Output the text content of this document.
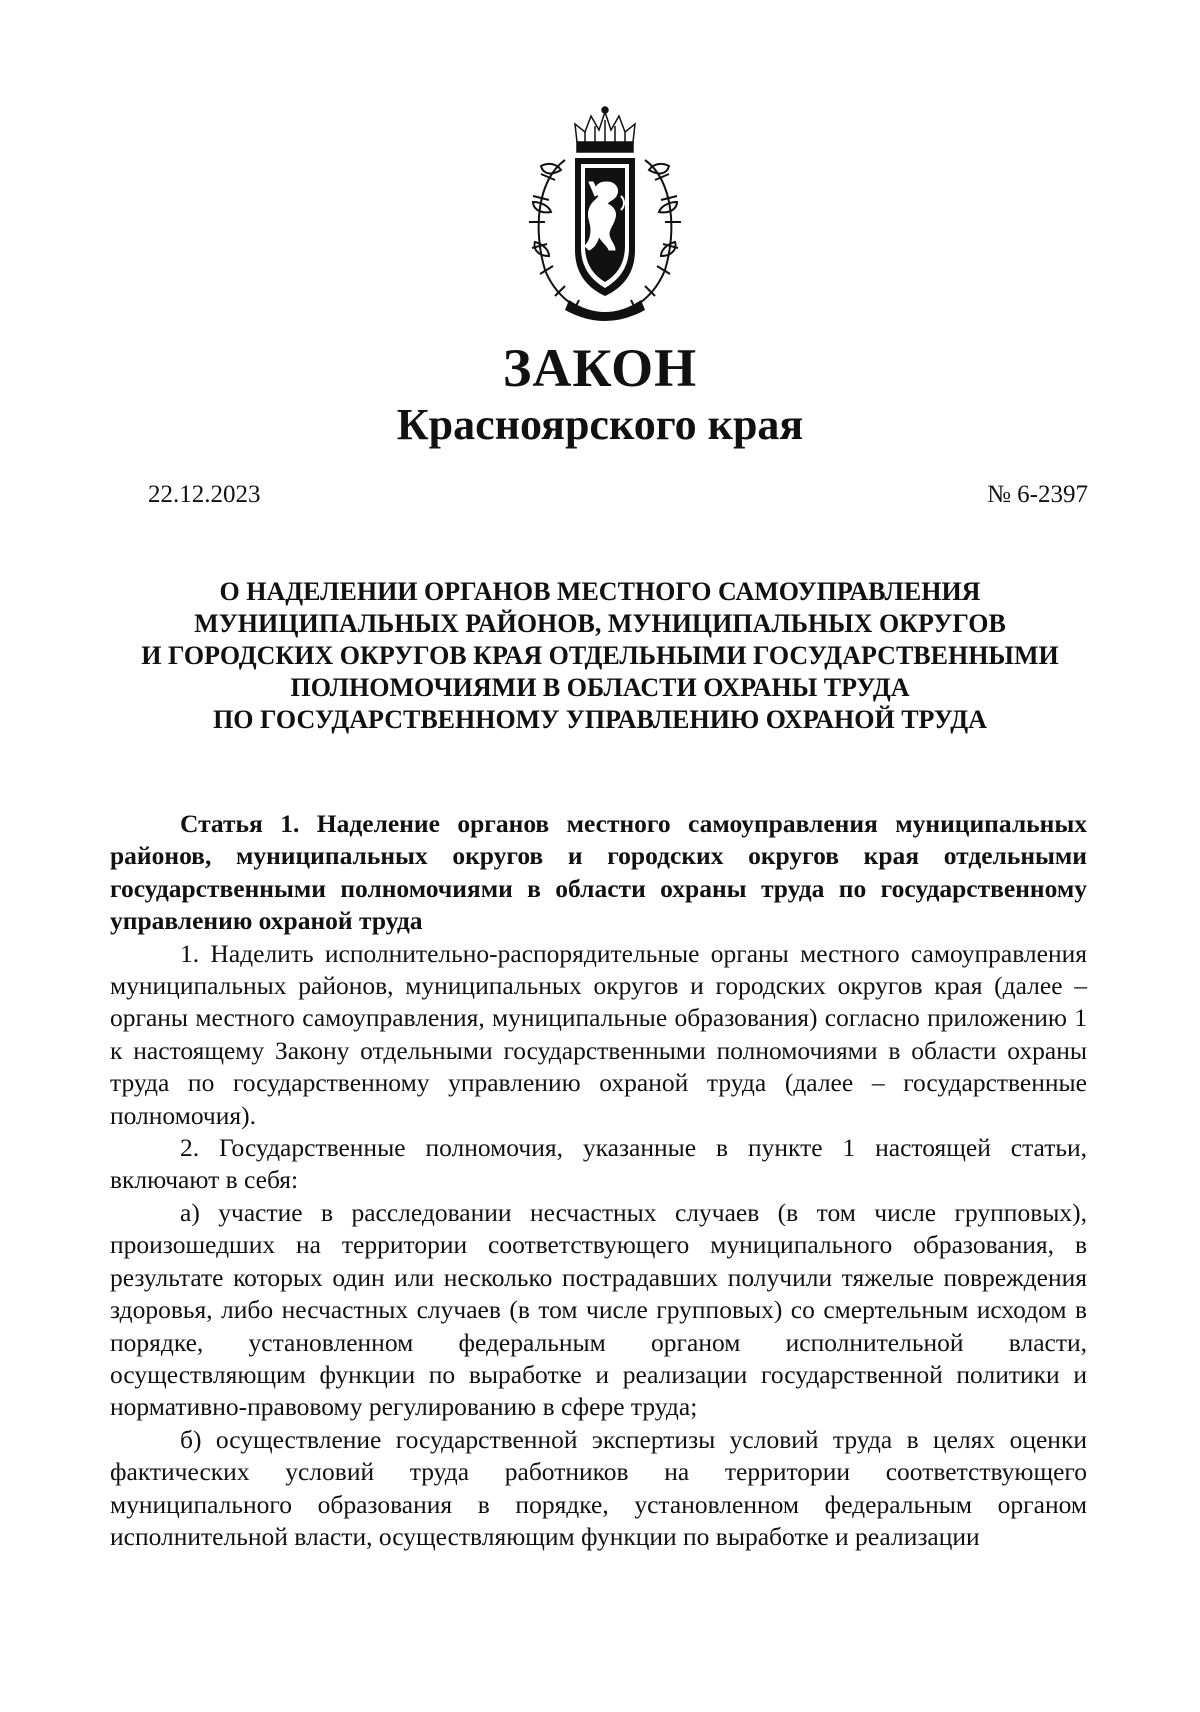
ЗАКОН
Красноярского края
22.12.2023	№ 6-2397
О НАДЕЛЕНИИ ОРГАНОВ МЕСТНОГО САМОУПРАВЛЕНИЯ
МУНИЦИПАЛЬНЫХ РАЙОНОВ, МУНИЦИПАЛЬНЫХ ОКРУГОВ
И ГОРОДСКИХ ОКРУГОВ КРАЯ ОТДЕЛЬНЫМИ ГОСУДАРСТВЕННЫМИ
ПОЛНОМОЧИЯМИ В ОБЛАСТИ ОХРАНЫ ТРУДА
ПО ГОСУДАРСТВЕННОМУ УПРАВЛЕНИЮ ОХРАНОЙ ТРУДА

Статья 1. Наделение органов местного самоуправления муниципальных районов, муниципальных округов и городских округов края отдельными государственными полномочиями в области охраны труда по государственному управлению охраной труда

1. Наделить исполнительно-распорядительные органы местного самоуправления муниципальных районов, муниципальных округов и городских округов края (далее – органы местного самоуправления, муниципальные образования) согласно приложению 1 к настоящему Закону отдельными государственными полномочиями в области охраны труда по государственному управлению охраной труда (далее – государственные полномочия).

2. Государственные полномочия, указанные в пункте 1 настоящей статьи, включают в себя:

а) участие в расследовании несчастных случаев (в том числе групповых), произошедших на территории соответствующего муниципального образования, в результате которых один или несколько пострадавших получили тяжелые повреждения здоровья, либо несчастных случаев (в том числе групповых) со смертельным исходом в порядке, установленном федеральным органом исполнительной власти, осуществляющим функции по выработке и реализации государственной политики и нормативно-правовому регулированию в сфере труда;

б) осуществление государственной экспертизы условий труда в целях оценки фактических условий труда работников на территории соответствующего муниципального образования в порядке, установленном федеральным органом исполнительной власти, осуществляющим функции по выработке и реализации
